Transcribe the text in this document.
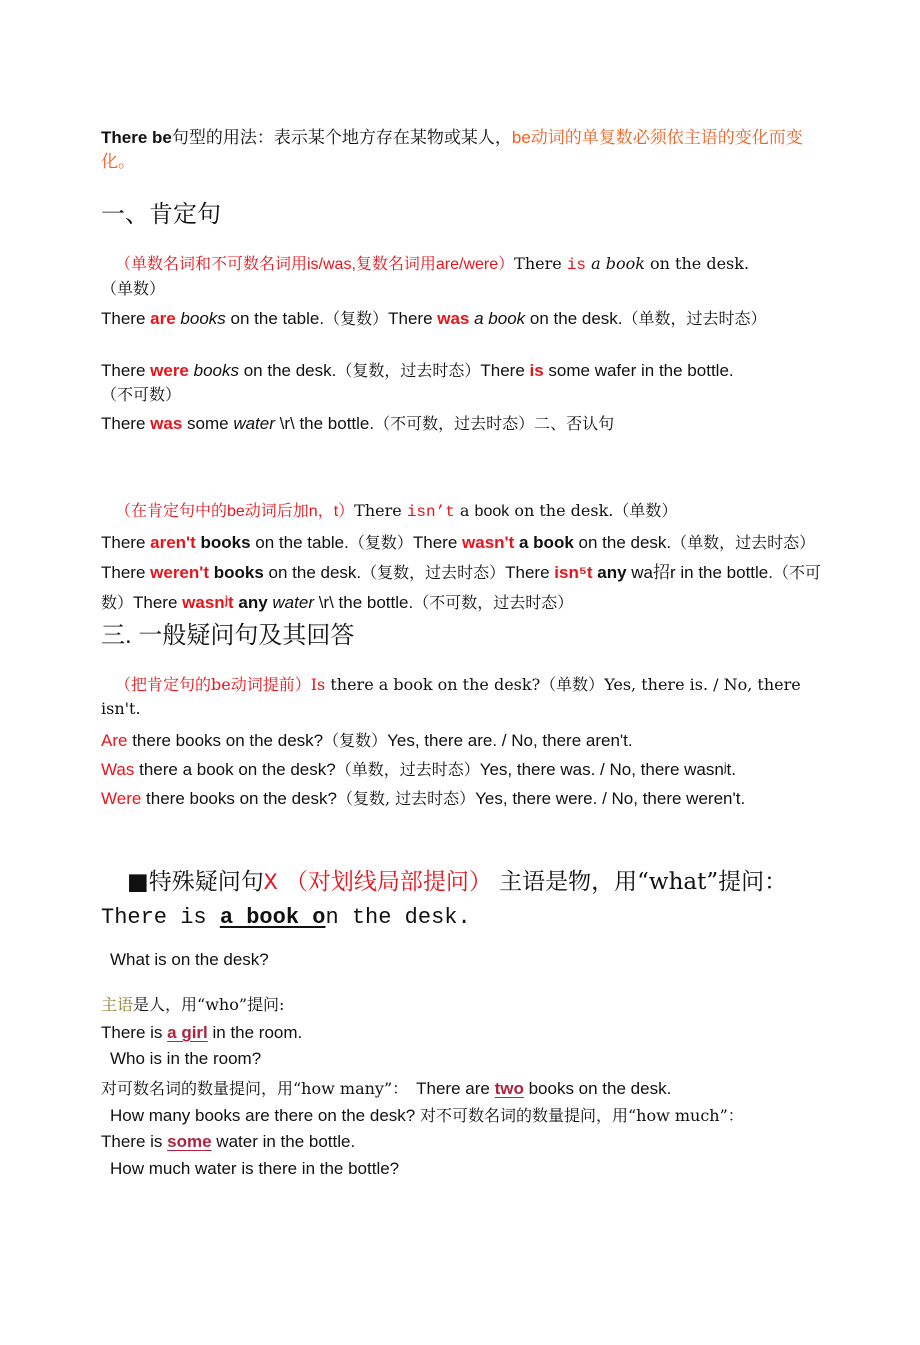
There be句型的用法：表示某个地方存在某物或某人，be动词的单复数必须依主语的变化而变化。
一、肯定句
（单数名词和不可数名词用is/was,复数名词用are/were）There is a book on the desk.
（单数）
There are books on the table.（复数）There was a book on the desk.（单数，过去时态）
There were books on the desk.（复数，过去时态）There is some wafer in the bottle.
（不可数）
There was some water \r\ the bottle.（不可数，过去时态）二、否认句
（在肯定句中的be动词后加n，t）There isn’t a book on the desk.（单数）
There aren't books on the table.（复数）There wasn't a book on the desk.（单数，过去时态）There weren't books on the desk.（复数，过去时态）There isn⁵t any wa招r in the bottle.（不可数）There wasnʲt any water \r\ the bottle.（不可数，过去时态）
三. 一般疑问句及其回答
（把肯定句的be动词提前）Is there a book on the desk?（单数）Yes, there is. / No, there isn't.
Are there books on the desk?（复数）Yes, there are. / No, there aren't.
Was there a book on the desk?（单数，过去时态）Yes, there was. / No, there wasnʲt.
Were there books on the desk?（复数, 过去时态）Yes, there were. / No, there weren't.
■特殊疑问句X （对划线局部提问） 主语是物，用“what”提问： There is a book on the desk.
What is on the desk?
主语是人，用“who”提问:
There is a girl in the room.
Who is in the room?
对可数名词的数量提问，用“how many”： There are two books on the desk.
How many books are there on the desk? 对不可数名词的数量提问，用“how much”：
There is some water in the bottle.
How much water is there in the bottle?
